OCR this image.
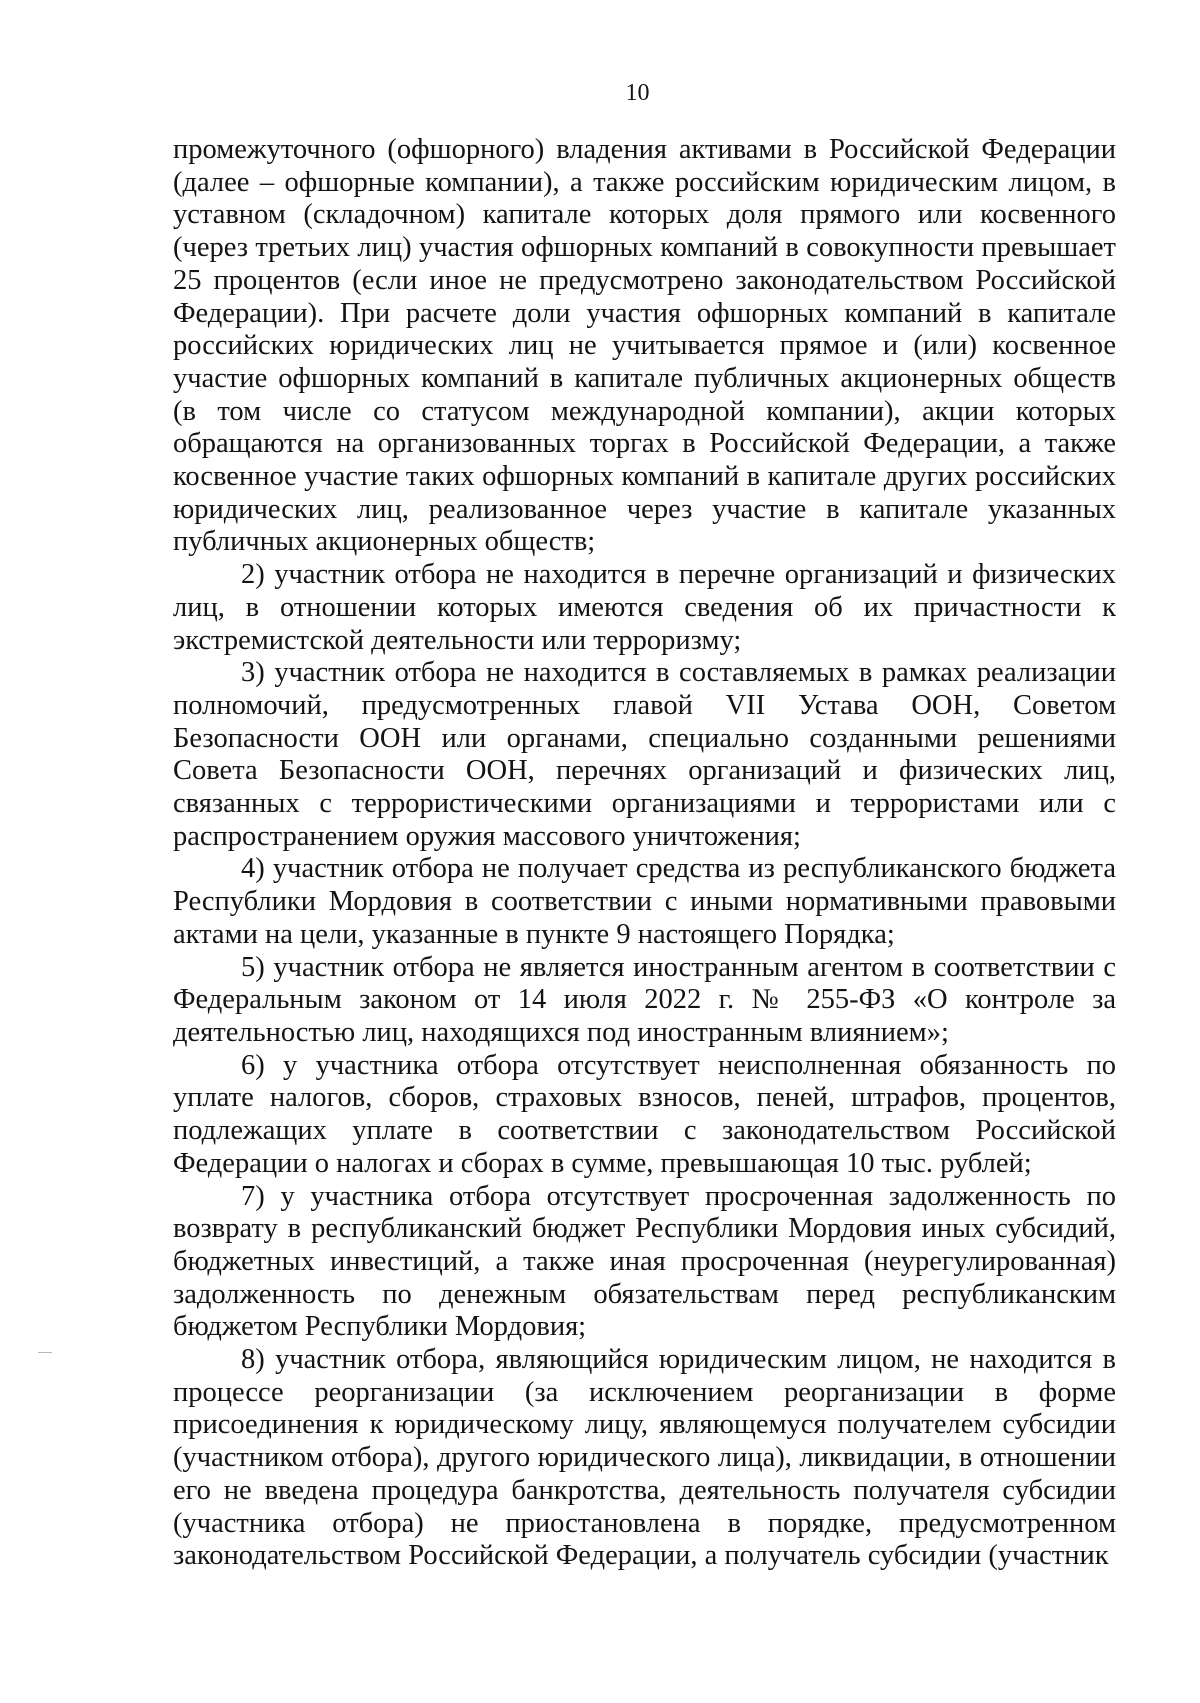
10

промежуточного (офшорного) владения активами в Российской Федерации (далее – офшорные компании), а также российским юридическим лицом, в уставном (складочном) капитале которых доля прямого или косвенного (через третьих лиц) участия офшорных компаний в совокупности превышает 25 процентов (если иное не предусмотрено законодательством Российской Федерации). При расчете доли участия офшорных компаний в капитале российских юридических лиц не учитывается прямое и (или) косвенное участие офшорных компаний в капитале публичных акционерных обществ (в том числе со статусом международной компании), акции которых обращаются на организованных торгах в Российской Федерации, а также косвенное участие таких офшорных компаний в капитале других российских юридических лиц, реализованное через участие в капитале указанных публичных акционерных обществ;

2) участник отбора не находится в перечне организаций и физических лиц, в отношении которых имеются сведения об их причастности к экстремистской деятельности или терроризму;

3) участник отбора не находится в составляемых в рамках реализации полномочий, предусмотренных главой VII Устава ООН, Советом Безопасности ООН или органами, специально созданными решениями Совета Безопасности ООН, перечнях организаций и физических лиц, связанных с террористическими организациями и террористами или с распространением оружия массового уничтожения;

4) участник отбора не получает средства из республиканского бюджета Республики Мордовия в соответствии с иными нормативными правовыми актами на цели, указанные в пункте 9 настоящего Порядка;

5) участник отбора не является иностранным агентом в соответствии с Федеральным законом от 14 июля 2022 г. № 255-ФЗ «О контроле за деятельностью лиц, находящихся под иностранным влиянием»;

6) у участника отбора отсутствует неисполненная обязанность по уплате налогов, сборов, страховых взносов, пеней, штрафов, процентов, подлежащих уплате в соответствии с законодательством Российской Федерации о налогах и сборах в сумме, превышающая 10 тыс. рублей;

7) у участника отбора отсутствует просроченная задолженность по возврату в республиканский бюджет Республики Мордовия иных субсидий, бюджетных инвестиций, а также иная просроченная (неурегулированная) задолженность по денежным обязательствам перед республиканским бюджетом Республики Мордовия;

8) участник отбора, являющийся юридическим лицом, не находится в процессе реорганизации (за исключением реорганизации в форме присоединения к юридическому лицу, являющемуся получателем субсидии (участником отбора), другого юридического лица), ликвидации, в отношении его не введена процедура банкротства, деятельность получателя субсидии (участника отбора) не приостановлена в порядке, предусмотренном законодательством Российской Федерации, а получатель субсидии (участник
